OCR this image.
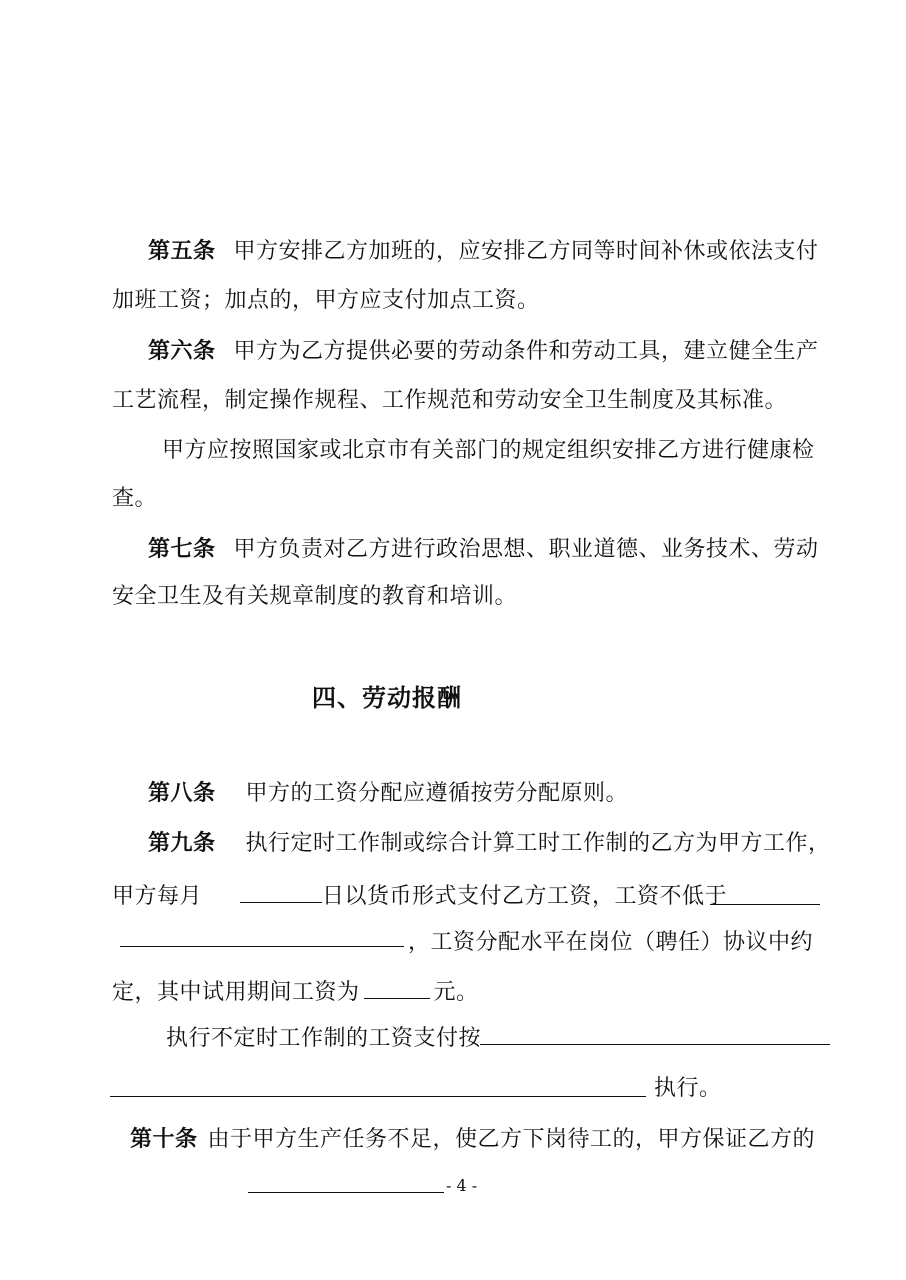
第五条 甲方安排乙方加班的，应安排乙方同等时间补休或依法支付
加班工资；加点的，甲方应支付加点工资。
第六条 甲方为乙方提供必要的劳动条件和劳动工具，建立健全生产
工艺流程，制定操作规程、工作规范和劳动安全卫生制度及其标准。
甲方应按照国家或北京市有关部门的规定组织安排乙方进行健康检
查。
第七条 甲方负责对乙方进行政治思想、职业道德、业务技术、劳动
安全卫生及有关规章制度的教育和培训。
四、劳动报酬
第八条 甲方的工资分配应遵循按劳分配原则。
第九条 执行定时工作制或综合计算工时工作制的乙方为甲方工作，
甲方每月	日以货币形式支付乙方工资，工资不低于
，工资分配水平在岗位（聘任）协议中约
定，其中试用期间工资为	元。
执行不定时工作制的工资支付按
执行。
第十条 由于甲方生产任务不足，使乙方下岗待工的，甲方保证乙方的
- 4 -
